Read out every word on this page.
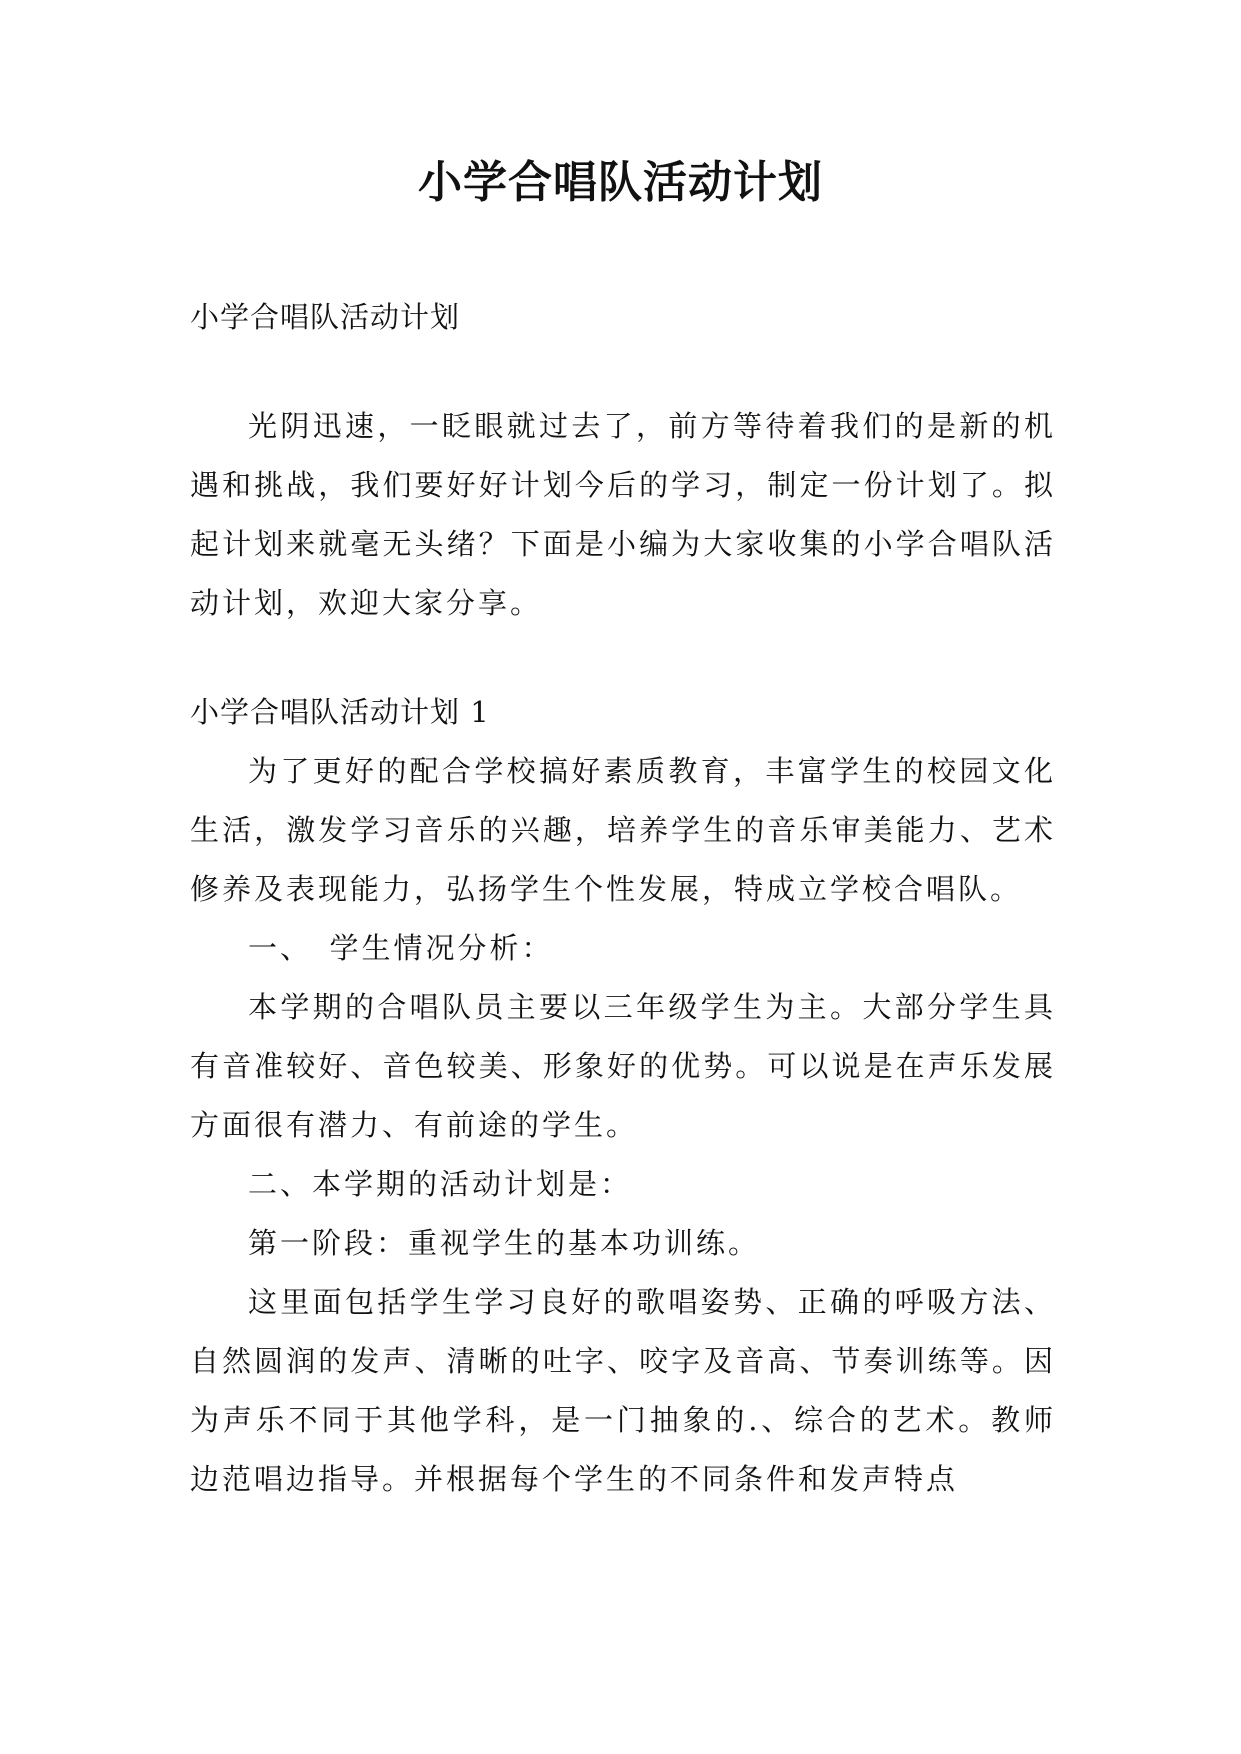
小学合唱队活动计划

小学合唱队活动计划

光阴迅速，一眨眼就过去了，前方等待着我们的是新的机遇和挑战，我们要好好计划今后的学习，制定一份计划了。拟起计划来就毫无头绪？下面是小编为大家收集的小学合唱队活动计划，欢迎大家分享。

小学合唱队活动计划 1

为了更好的配合学校搞好素质教育，丰富学生的校园文化生活，激发学习音乐的兴趣，培养学生的音乐审美能力、艺术修养及表现能力，弘扬学生个性发展，特成立学校合唱队。

一、　学生情况分析：

本学期的合唱队员主要以三年级学生为主。大部分学生具有音准较好、音色较美、形象好的优势。可以说是在声乐发展方面很有潜力、有前途的学生。

二、本学期的活动计划是：

第一阶段：重视学生的基本功训练。

这里面包括学生学习良好的歌唱姿势、正确的呼吸方法、自然圆润的发声、清晰的吐字、咬字及音高、节奏训练等。因为声乐不同于其他学科，是一门抽象的.、综合的艺术。教师边范唱边指导。并根据每个学生的不同条件和发声特点
